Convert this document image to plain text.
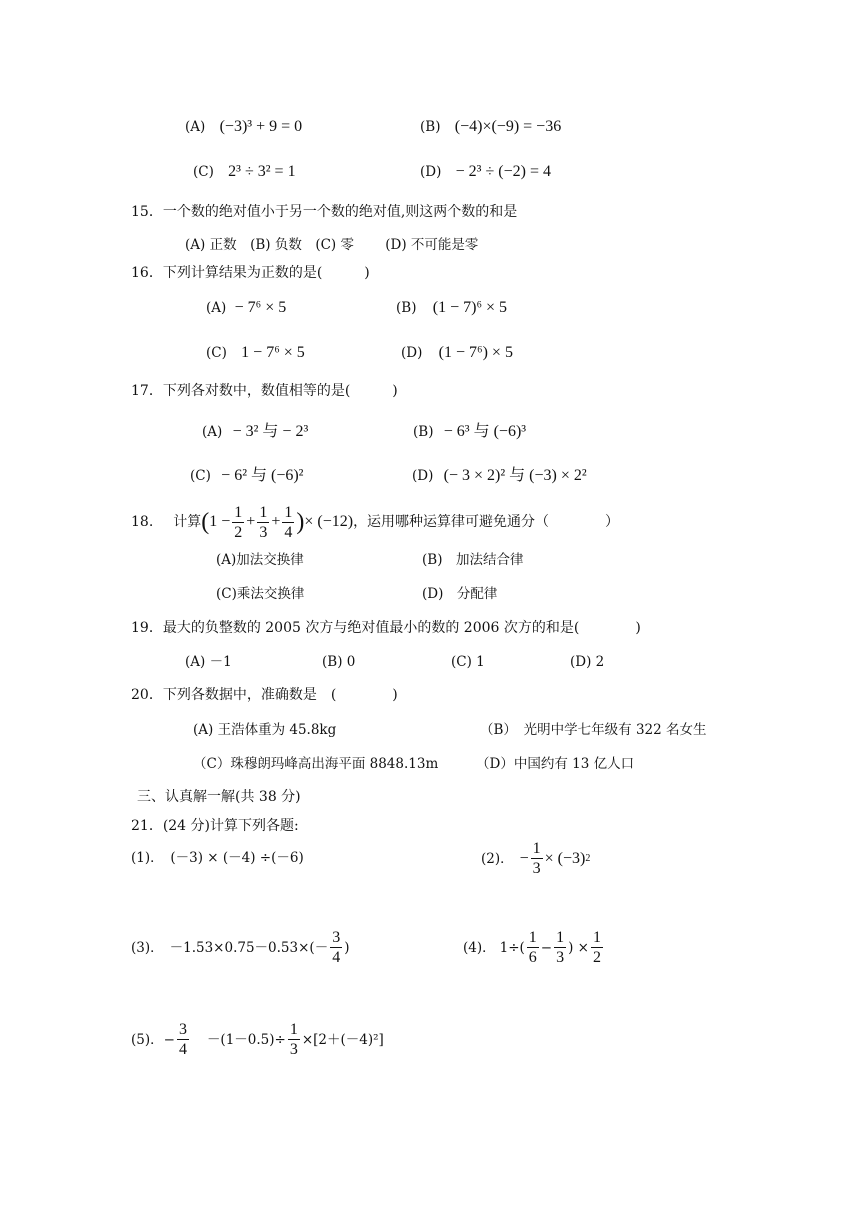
(A) (−3)³ + 9 = 0	(B) (−4)×(−9) = −36
(C) 2³ ÷ 3² = 1	(D) − 2³ ÷ (−2) = 4
15．一个数的绝对值小于另一个数的绝对值,则这两个数的和是
(A) 正数　(B) 负数　(C) 零　　 (D) 不可能是零
16．下列计算结果为正数的是(　　　)
(A) − 7⁶ × 5	(B) (1 − 7)⁶ × 5
(C) 1 − 7⁶ × 5	(D) (1 − 7⁶) × 5
17．下列各对数中，数值相等的是(　　　)
(A) − 3² 与 − 2³	(B) − 6³ 与 (−6)³
(C) − 6² 与 (−6)²	(D) (− 3 × 2)² 与 (−3) × 2²
18. 计算 ( $1 - \frac{1}{2} + \frac{1}{3} + \frac{1}{4}$ ) × (−12) ，运用哪种运算律可避免通分（　　　　）
(A)加法交换律	(B)　加法结合律
(C)乘法交换律	(D)　分配律
19．最大的负整数的 2005 次方与绝对值最小的数的 2006 次方的和是(　　　　)
(A) －1	(B) 0	(C) 1	(D) 2
20．下列各数据中，准确数是　(　　　　)
(A) 王浩体重为 45.8kg	（B）　光明中学七年级有 322 名女生
（C）珠穆朗玛峰高出海平面 8848.13m	（D）中国约有 13 亿人口
三、认真解一解(共 38 分)
21．(24 分)计算下列各题:
(1)．　(－3) × (－4) ÷(－6)	(2)． − $\frac{1}{3} \times (-3)$ 2
(3)． $-1.53\times 0.75-0.53\times(- \frac{3}{4}$ )	(4)． $1\div( \frac{1}{6} - \frac{1}{3}$ ) × $\frac{1}{2}$
(5)． − $\frac{3}{4} -(1-0.5)\div \frac{1}{3} \times[2+(-4)^2]$
